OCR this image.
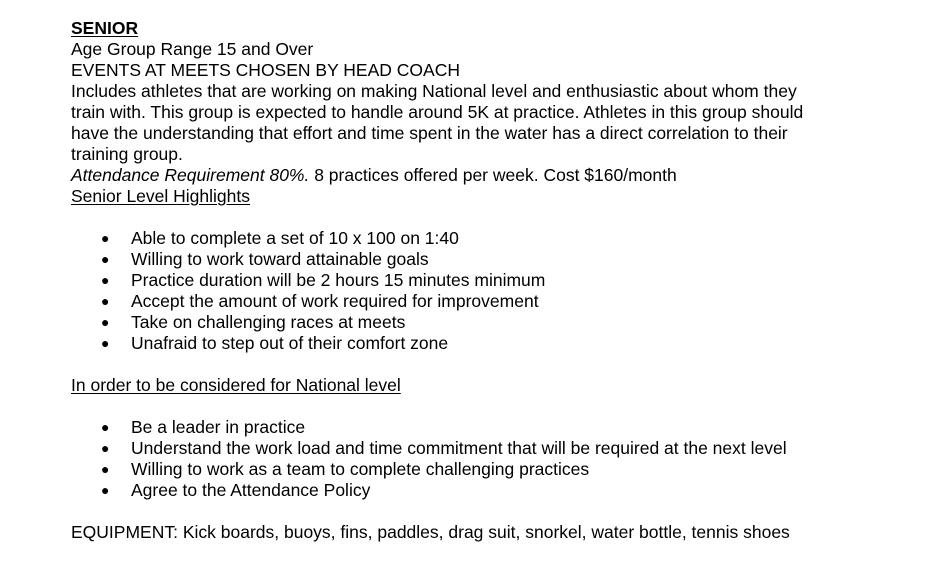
SENIOR
Age Group Range 15 and Over
EVENTS AT MEETS CHOSEN BY HEAD COACH
Includes athletes that are working on making National level and enthusiastic about whom they
train with. This group is expected to handle around 5K at practice. Athletes in this group should
have the understanding that effort and time spent in the water has a direct correlation to their
training group.
Attendance Requirement 80%. 8 practices offered per week. Cost $160/month
Senior Level Highlights
● Able to complete a set of 10 x 100 on 1:40
● Willing to work toward attainable goals
● Practice duration will be 2 hours 15 minutes minimum
● Accept the amount of work required for improvement
● Take on challenging races at meets
● Unafraid to step out of their comfort zone
In order to be considered for National level
● Be a leader in practice
● Understand the work load and time commitment that will be required at the next level
● Willing to work as a team to complete challenging practices
● Agree to the Attendance Policy
EQUIPMENT: Kick boards, buoys, fins, paddles, drag suit, snorkel, water bottle, tennis shoes
